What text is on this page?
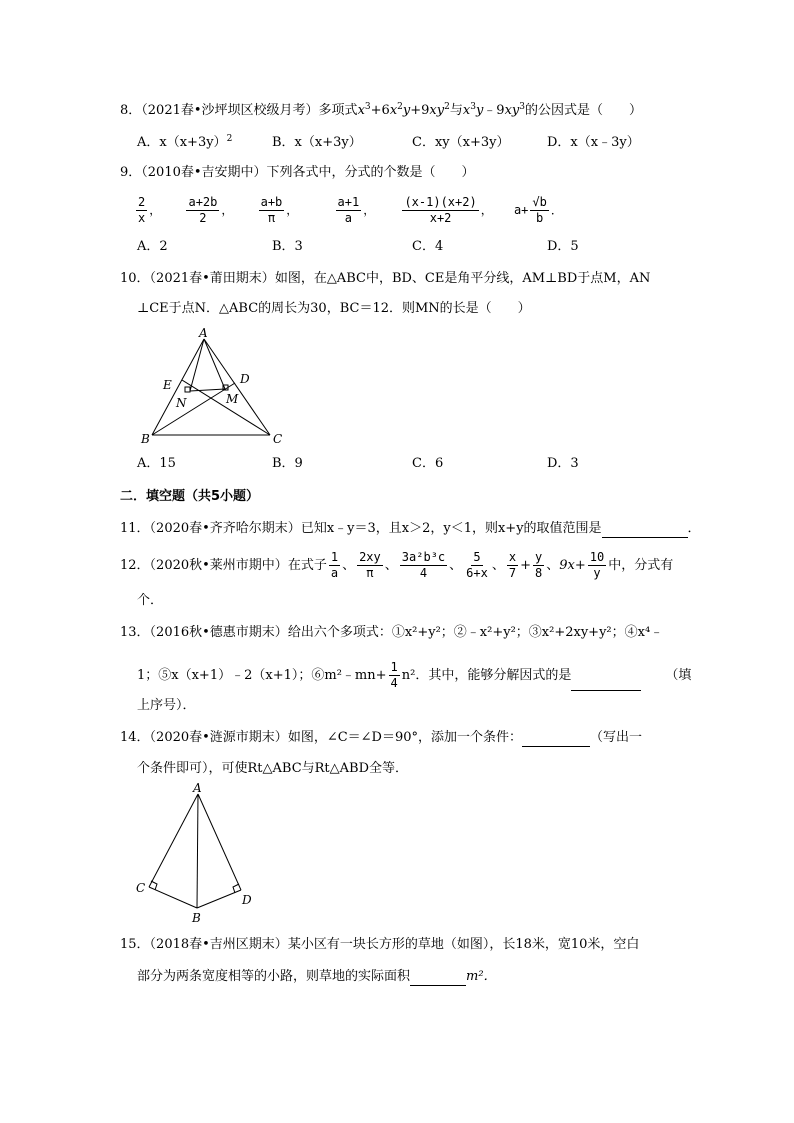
8．（2021春•沙坪坝区校级月考）多项式$x^3+6x^2y+9xy^2$与$x^3y﹣9xy^3$的公因式是（　　）
A．$x(x+3y)^2$	B．x（x+3y）	C．xy（x+3y）	D．x（x﹣3y）
9．（2010春•吉安期中）下列各式中，分式的个数是（　　）
$\frac{2}{x}$ ， $\frac{a+2b}{2}$ ， $\frac{a+b}{\pi}$ ，	$\frac{a+1}{a}$ ， $\frac{(x-1)(x+2)}{x+2}$ ， $a+ \frac{√b}{b}$ ．
A．2	B．3	C．4	D．5
10．（2021春•莆田期末）如图，在△ABC中，BD、CE是角平分线，AM⊥BD于点M，AN
⊥CE于点N．△ABC的周长为30，BC＝12．则MN的长是（　　）
A
B	C
D
E
N	M
A．15	B．9	C．6	D．3
二．填空题（共5小题）
11．（2020春•齐齐哈尔期末）已知x﹣y＝3，且x＞2，y＜1，则x+y的取值范围是	．
12．（2020秋•莱州市期中）在式子 $\frac{1}{a}$ 、 $\frac{2xy}{\pi}$ 、 $\frac{\text{3a²b³c}}{4}$ 、 $\frac{5}{6+x}$ 、 $\frac{x}{7} + \frac{y}{8}$ 、$9x+ \frac{10}{y}$ 中，分式有
个．
13．（2016秋•德惠市期末）给出六个多项式：①x²+y²；②﹣x²+y²；③x²+2xy+y²；④x⁴﹣
1；⑤x（x+1）﹣2（x+1）；⑥m²﹣mn+ $\frac{1}{4} n^2$．其中，能够分解因式的是	（填
上序号）．
14．（2020春•涟源市期末）如图，∠C＝∠D＝90°，添加一个条件：	（写出一
个条件即可），可使Rt△ABC与Rt△ABD全等．
A
B
C
D
15．（2018春•吉州区期末）某小区有一块长方形的草地（如图），长18米，宽10米，空白
部分为两条宽度相等的小路，则草地的实际面积	m²．
